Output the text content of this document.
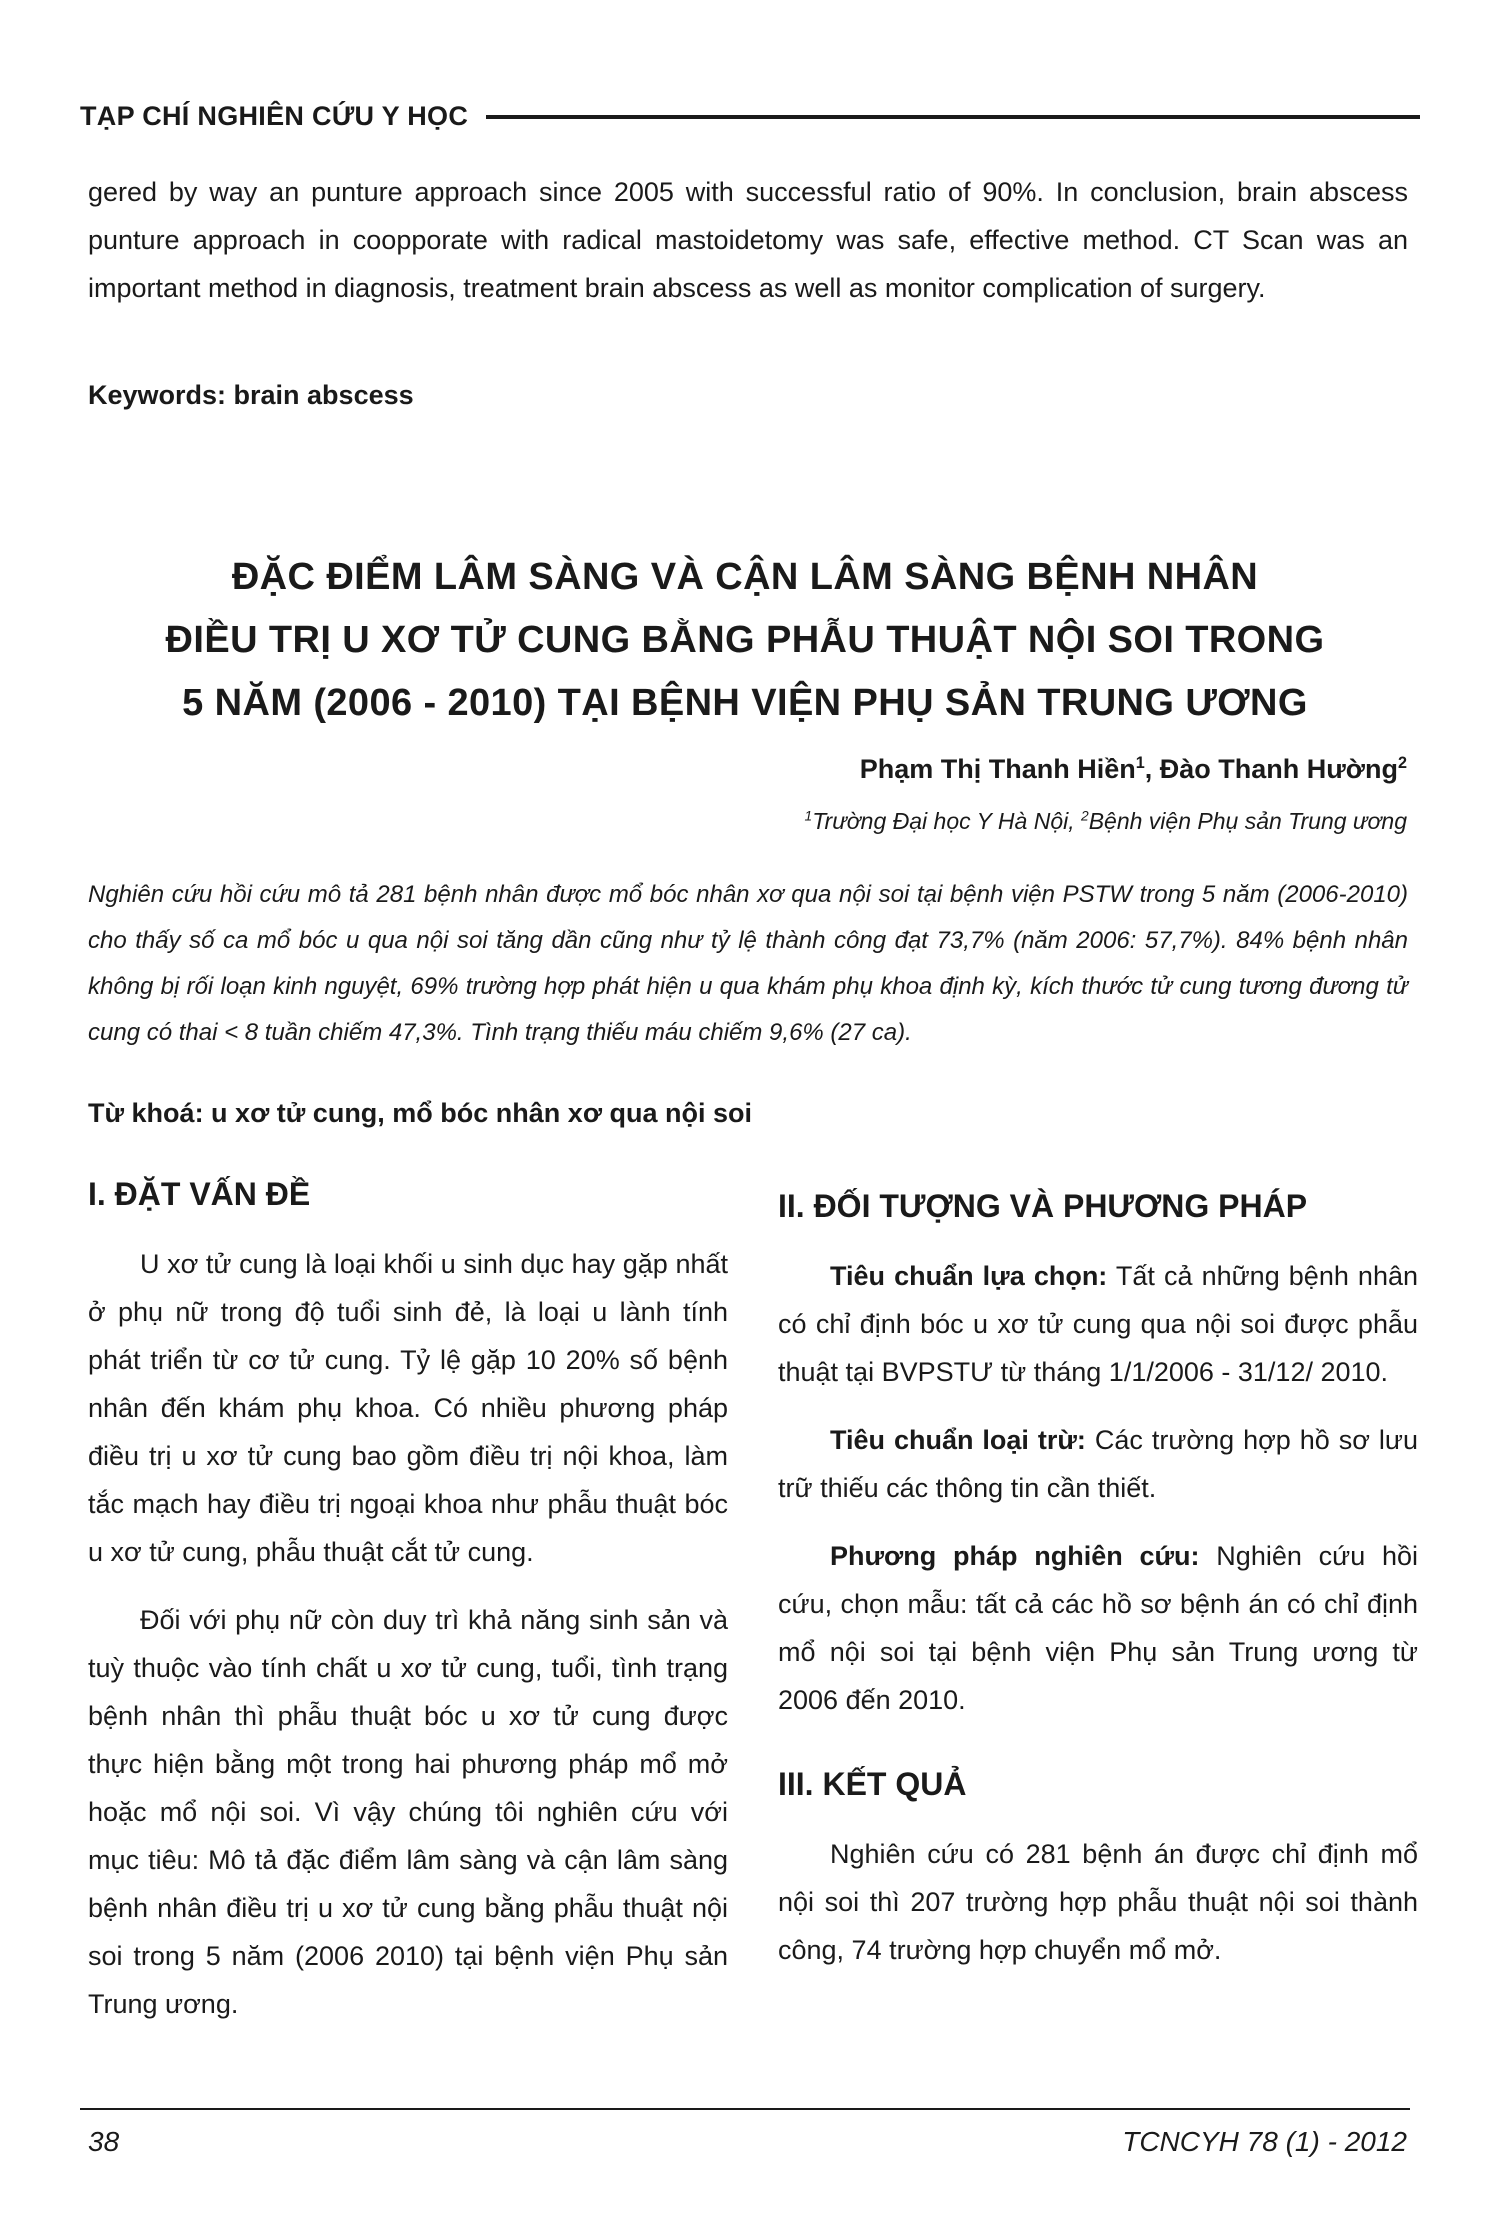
TẠP CHÍ NGHIÊN CỨU Y HỌC
gered by way an punture approach since 2005 with successful ratio of 90%. In conclusion, brain abscess punture approach in coopporate with radical mastoidetomy was safe, effective method. CT Scan was an important method in diagnosis, treatment brain abscess as well as monitor complication of surgery.
Keywords: brain abscess
ĐẶC ĐIỂM LÂM SÀNG VÀ CẬN LÂM SÀNG BỆNH NHÂN
ĐIỀU TRỊ U XƠ TỬ CUNG BẰNG PHẪU THUẬT NỘI SOI TRONG
5 NĂM (2006 - 2010) TẠI BỆNH VIỆN PHỤ SẢN TRUNG ƯƠNG
Phạm Thị Thanh Hiền$^1$, Đào Thanh Hường$^2$
$^1$Trường Đại học Y Hà Nội, $^2$Bệnh viện Phụ sản Trung ương
Nghiên cứu hồi cứu mô tả 281 bệnh nhân được mổ bóc nhân xơ qua nội soi tại bệnh viện PSTW trong 5 năm (2006-2010) cho thấy số ca mổ bóc u qua nội soi tăng dần cũng như tỷ lệ thành công đạt 73,7% (năm 2006: 57,7%). 84% bệnh nhân không bị rối loạn kinh nguyệt, 69% trường hợp phát hiện u qua khám phụ khoa định kỳ, kích thước tử cung tương đương tử cung có thai < 8 tuần chiếm 47,3%. Tình trạng thiếu máu chiếm 9,6% (27 ca).
Từ khoá: u xơ tử cung, mổ bóc nhân xơ qua nội soi
I. ĐẶT VẤN ĐỀ

U xơ tử cung là loại khối u sinh dục hay gặp nhất ở phụ nữ trong độ tuổi sinh đẻ, là loại u lành tính phát triển từ cơ tử cung. Tỷ lệ gặp 10 20% số bệnh nhân đến khám phụ khoa. Có nhiều phương pháp điều trị u xơ tử cung bao gồm điều trị nội khoa, làm tắc mạch hay điều trị ngoại khoa như phẫu thuật bóc u xơ tử cung, phẫu thuật cắt tử cung.

Đối với phụ nữ còn duy trì khả năng sinh sản và tuỳ thuộc vào tính chất u xơ tử cung, tuổi, tình trạng bệnh nhân thì phẫu thuật bóc u xơ tử cung được thực hiện bằng một trong hai phương pháp mổ mở hoặc mổ nội soi. Vì vậy chúng tôi nghiên cứu với mục tiêu: Mô tả đặc điểm lâm sàng và cận lâm sàng bệnh nhân điều trị u xơ tử cung bằng phẫu thuật nội soi trong 5 năm (2006 2010) tại bệnh viện Phụ sản Trung ương.

II. ĐỐI TƯỢNG VÀ PHƯƠNG PHÁP

Tiêu chuẩn lựa chọn: Tất cả những bệnh nhân có chỉ định bóc u xơ tử cung qua nội soi được phẫu thuật tại BVPSTƯ từ tháng 1/1/2006 - 31/12/ 2010.

Tiêu chuẩn loại trừ: Các trường hợp hồ sơ lưu trữ thiếu các thông tin cần thiết.

Phương pháp nghiên cứu: Nghiên cứu hồi cứu, chọn mẫu: tất cả các hồ sơ bệnh án có chỉ định mổ nội soi tại bệnh viện Phụ sản Trung ương từ 2006 đến 2010.

III. KẾT QUẢ

Nghiên cứu có 281 bệnh án được chỉ định mổ nội soi thì 207 trường hợp phẫu thuật nội soi thành công, 74 trường hợp chuyển mổ mở.

38	TCNCYH 78 (1) - 2012
